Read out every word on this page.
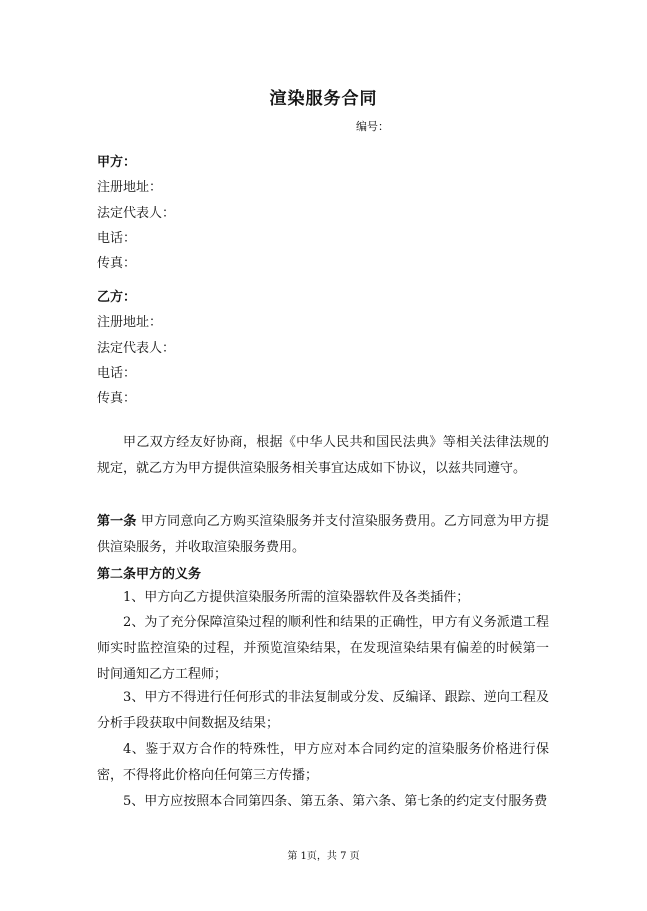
渲染服务合同
编号：
甲方：
注册地址：
法定代表人：
电话：
传真：
乙方：
注册地址：
法定代表人：
电话：
传真：
甲乙双方经友好协商，根据《中华人民共和国民法典》等相关法律法规的规定，就乙方为甲方提供渲染服务相关事宜达成如下协议，以兹共同遵守。
第一条 甲方同意向乙方购买渲染服务并支付渲染服务费用。乙方同意为甲方提供渲染服务，并收取渲染服务费用。
第二条甲方的义务
1、甲方向乙方提供渲染服务所需的渲染器软件及各类插件；
2、为了充分保障渲染过程的顺利性和结果的正确性，甲方有义务派遣工程师实时监控渲染的过程，并预览渲染结果，在发现渲染结果有偏差的时候第一时间通知乙方工程师；
3、甲方不得进行任何形式的非法复制或分发、反编译、跟踪、逆向工程及分析手段获取中间数据及结果；
4、鉴于双方合作的特殊性，甲方应对本合同约定的渲染服务价格进行保密，不得将此价格向任何第三方传播；
5、甲方应按照本合同第四条、第五条、第六条、第七条的约定支付服务费
第 1页，共 7 页
